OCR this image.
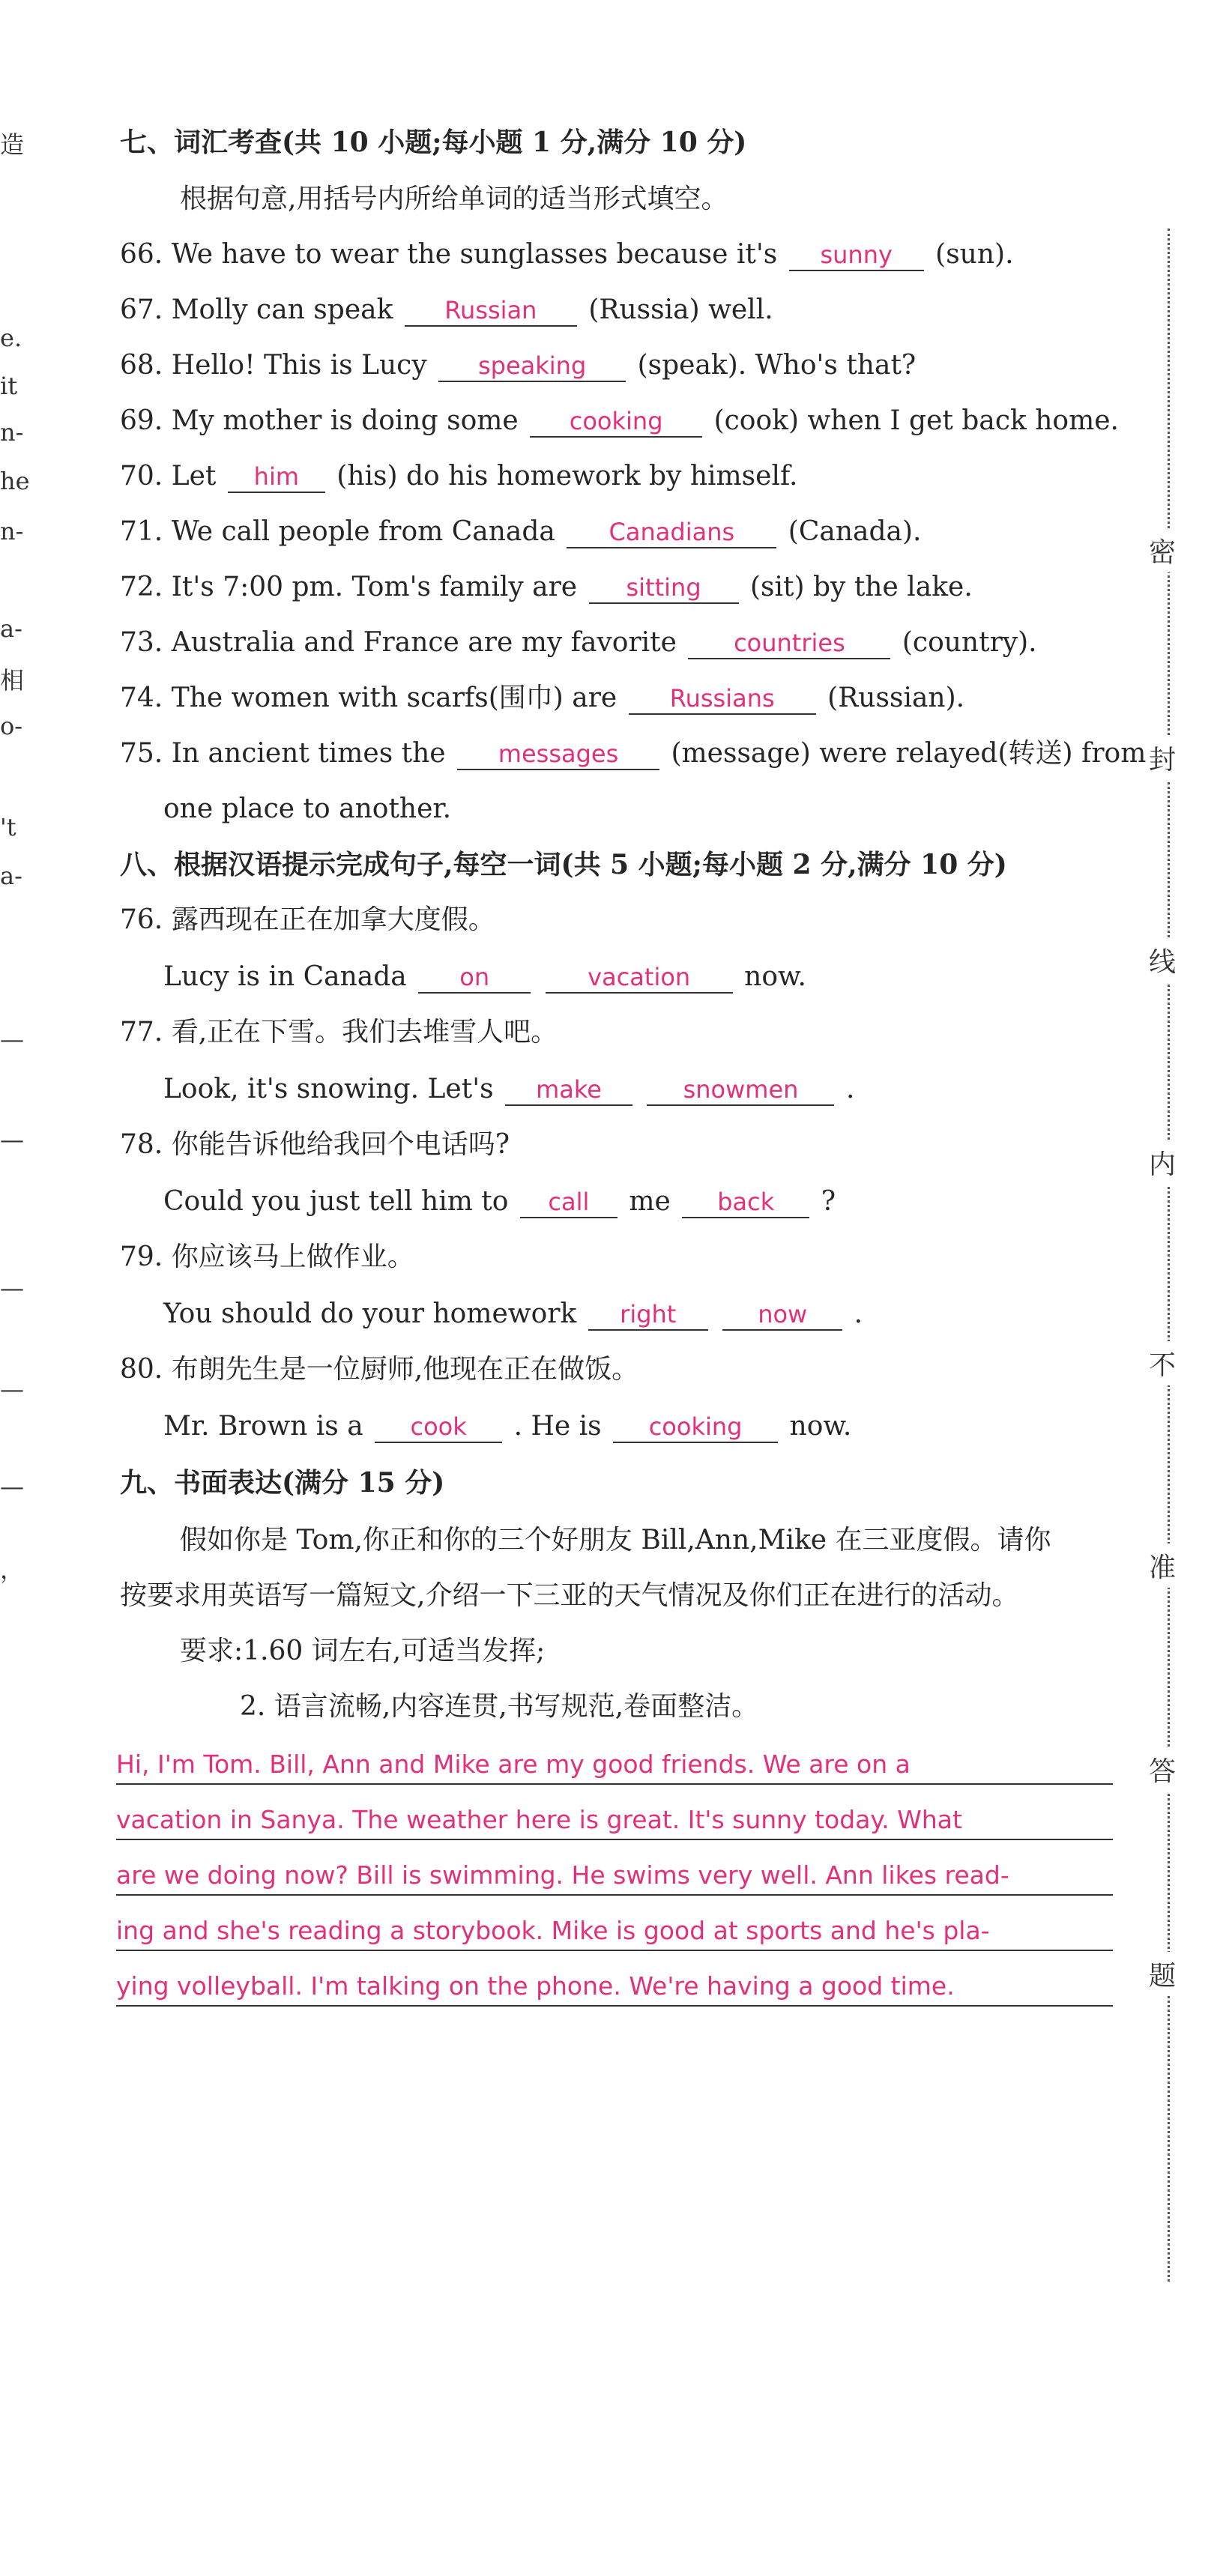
造
e.
it
n-
he
n-
a-
相
o-
't
a-
—
—
—
—
—
，
七、词汇考查(共 10 小题;每小题 1 分,满分 10 分)
根据句意,用括号内所给单词的适当形式填空。
66. We have to wear the sunglasses because it's sunny (sun).
67. Molly can speak Russian (Russia) well.
68. Hello! This is Lucy speaking (speak). Who's that?
69. My mother is doing some cooking (cook) when I get back home.
70. Let him (his) do his homework by himself.
71. We call people from Canada Canadians (Canada).
72. It's 7:00 pm. Tom's family are sitting (sit) by the lake.
73. Australia and France are my favorite countries (country).
74. The women with scarfs(围巾) are Russians (Russian).
75. In ancient times the messages (message) were relayed(转送) from
one place to another.
八、根据汉语提示完成句子,每空一词(共 5 小题;每小题 2 分,满分 10 分)
76. 露西现在正在加拿大度假。
Lucy is in Canada on	vacation now.
77. 看,正在下雪。我们去堆雪人吧。
Look, it's snowing. Let's make	snowmen .
78. 你能告诉他给我回个电话吗?
Could you just tell him to call me back ?
79. 你应该马上做作业。
You should do your homework right	now .
80. 布朗先生是一位厨师,他现在正在做饭。
Mr. Brown is a cook . He is cooking now.
九、书面表达(满分 15 分)
假如你是 Tom,你正和你的三个好朋友 Bill,Ann,Mike 在三亚度假。请你
按要求用英语写一篇短文,介绍一下三亚的天气情况及你们正在进行的活动。
要求:1.60 词左右,可适当发挥;
2. 语言流畅,内容连贯,书写规范,卷面整洁。
Hi, I'm Tom. Bill, Ann and Mike are my good friends. We are on a
vacation in Sanya. The weather here is great. It's sunny today. What
are we doing now? Bill is swimming. He swims very well. Ann likes read-
ing and she's reading a storybook. Mike is good at sports and he's pla-
ying volleyball. I'm talking on the phone. We're having a good time.
密
封
线
内
不
准
答
题
